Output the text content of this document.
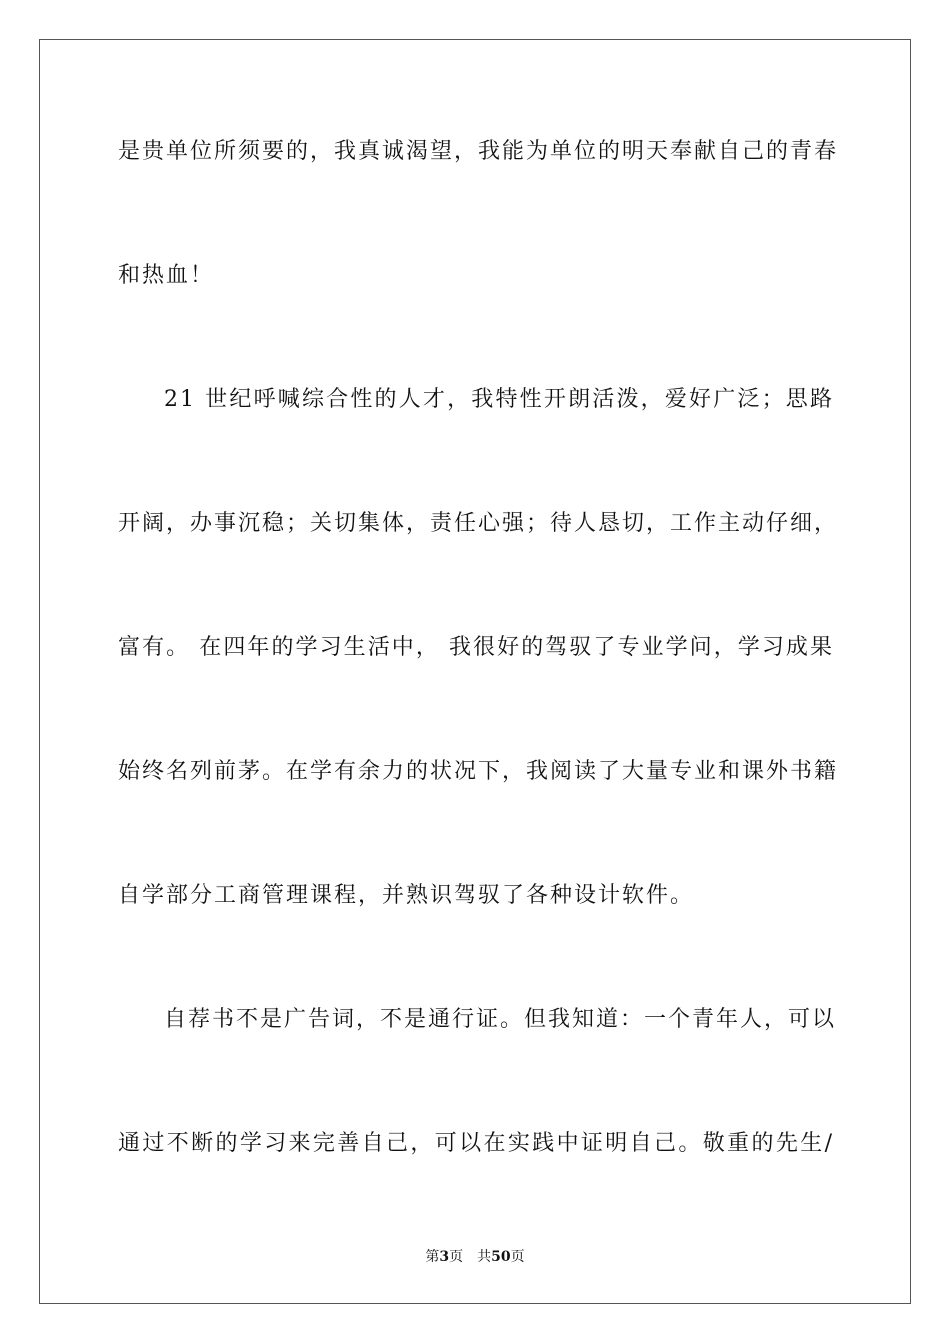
是贵单位所须要的，我真诚渴望，我能为单位的明天奉献自己的青春
和热血！
21 世纪呼喊综合性的人才，我特性开朗活泼，爱好广泛；思路
开阔，办事沉稳；关切集体，责任心强；待人恳切，工作主动仔细，
富有。 在四年的学习生活中， 我很好的驾驭了专业学问，学习成果
始终名列前茅。在学有余力的状况下，我阅读了大量专业和课外书籍
自学部分工商管理课程，并熟识驾驭了各种设计软件。
自荐书不是广告词，不是通行证。但我知道：一个青年人，可以
通过不断的学习来完善自己，可以在实践中证明自己。敬重的先生/
第3页 共50页
